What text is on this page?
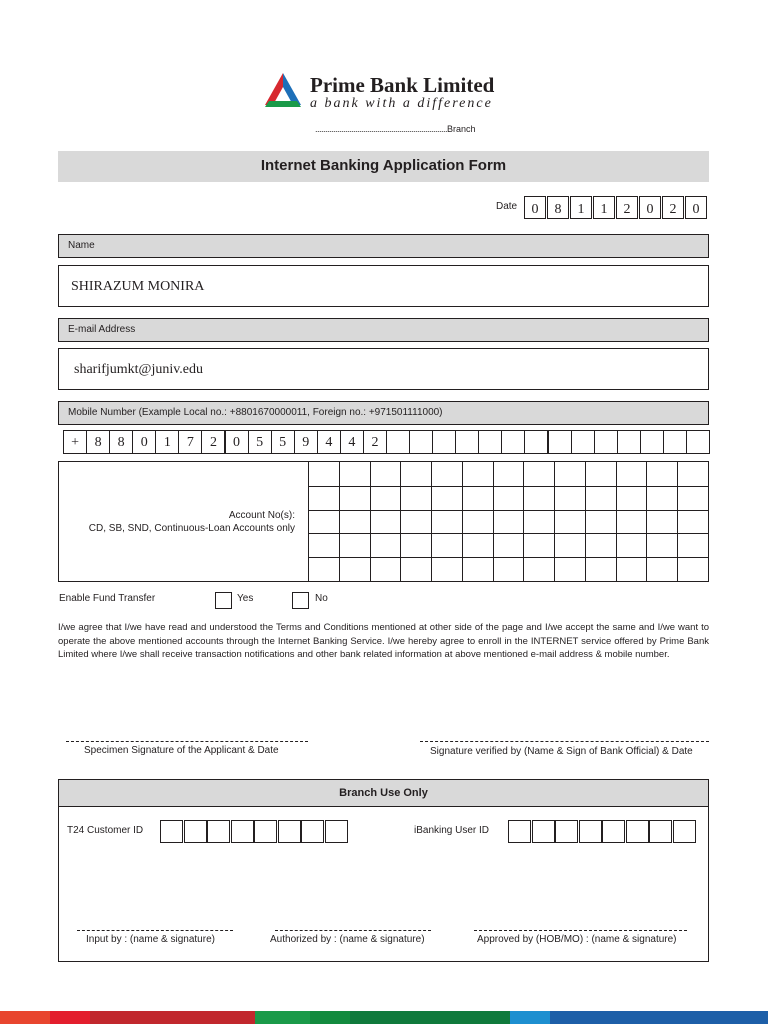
Prime Bank Limited
a bank with a difference
..................................................................Branch
Internet Banking Application Form
Date	0	8	1	1	2	0	2	0
Name
SHIRAZUM MONIRA
E-mail Address
sharifjumkt@juniv.edu
Mobile Number (Example Local no.: +8801670000011, Foreign no.: +971501111000)
+	8	8	0	1	7	2	0	5	5	9	4	4	2
Account No(s):
CD, SB, SND, Continuous-Loan Accounts only
Enable Fund Transfer	Yes	No
I/we agree that I/we have read and understood the Terms and Conditions mentioned at other side of the page and I/we accept the same and I/we want to operate the above mentioned accounts through the Internet Banking Service. I/we hereby agree to enroll in the INTERNET service offered by Prime Bank Limited where I/we shall receive transaction notifications and other bank related information at above mentioned e-mail address & mobile number.
Specimen Signature of the Applicant & Date	Signature verified by (Name & Sign of Bank Official) & Date
Branch Use Only
T24 Customer ID	iBanking User ID
Input by : (name & signature)	Authorized by : (name & signature)	Approved by (HOB/MO) : (name & signature)
